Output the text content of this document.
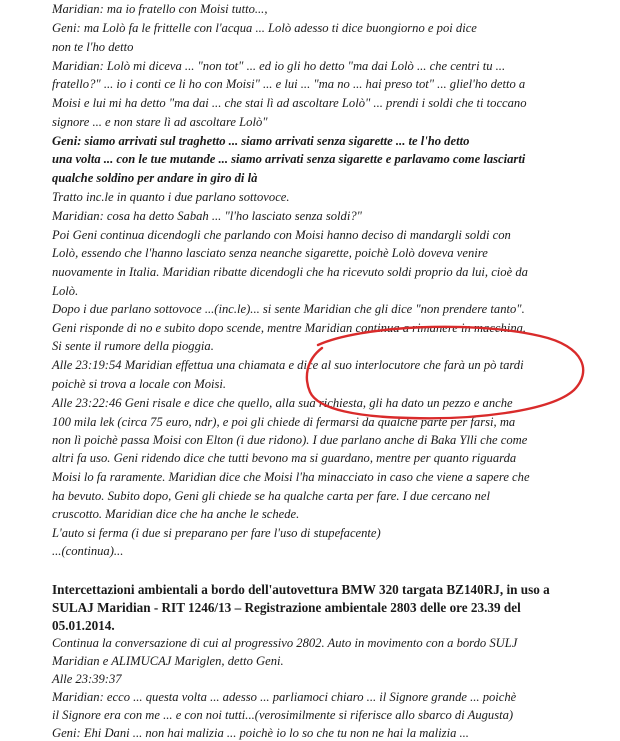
Maridian: ma io fratello con Moisi tutto...,
Geni: ma Lolò fa le frittelle con l'acqua ... Lolò adesso ti dice buongiorno e poi dice
non te l'ho detto
Maridian: Lolò mi diceva ... "non tot" ... ed io gli ho detto "ma dai Lolò ... che centri tu ...
fratello?" ... io i conti ce li ho con Moisi" ... e lui ... "ma no ... hai preso tot" ... gliel'ho detto a
Moisi e lui mi ha detto "ma dai ... che stai lì ad ascoltare Lolò" ... prendi i soldi che ti toccano
signore ... e non stare lì ad ascoltare Lolò"
Geni: siamo arrivati sul traghetto ... siamo arrivati senza sigarette ... te l'ho detto
una volta ... con le tue mutande ... siamo arrivati senza sigarette e parlavamo come lasciarti
qualche soldino per andare in giro di là
Tratto inc.le in quanto i due parlano sottovoce.
Maridian: cosa ha detto Sabah ... "l'ho lasciato senza soldi?"
Poi Geni continua dicendogli che parlando con Moisi hanno deciso di mandargli soldi con
Lolò, essendo che l'hanno lasciato senza neanche sigarette, poichè Lolò doveva venire
nuovamente in Italia. Maridian ribatte dicendogli che ha ricevuto soldi proprio da lui, cioè da
Lolò.
Dopo i due parlano sottovoce ...(inc.le)... si sente Maridian che gli dice "non prendere tanto".
Geni risponde di no e subito dopo scende, mentre Maridian continua a rimanere in macchina.
Si sente il rumore della pioggia.
Alle 23:19:54 Maridian effettua una chiamata e dice al suo interlocutore che farà un pò tardi
poichè si trova a locale con Moisi.
Alle 23:22:46 Geni risale e dice che quello, alla sua richiesta, gli ha dato un pezzo e anche
100 mila lek (circa 75 euro, ndr), e poi gli chiede di fermarsi da qualche parte per farsi, ma
non lì poichè passa Moisi con Elton (i due ridono). I due parlano anche di Baka Ylli che come
altri fa uso. Geni ridendo dice che tutti bevono ma si guardano, mentre per quanto riguarda
Moisi lo fa raramente. Maridian dice che Moisi l'ha minacciato in caso che viene a sapere che
ha bevuto. Subito dopo, Geni gli chiede se ha qualche carta per fare. I due cercano nel
cruscotto. Maridian dice che ha anche le schede.
L'auto si ferma (i due si preparano per fare l'uso di stupefacente)
...(continua)...
Intercettazioni ambientali a bordo dell'autovettura BMW 320 targata BZ140RJ, in uso a
SULAJ Maridian - RIT 1246/13 – Registrazione ambientale 2803 delle ore 23.39 del
05.01.2014.
Continua la conversazione di cui al progressivo 2802. Auto in movimento con a bordo SULJ
Maridian e ALIMUCAJ Mariglen, detto Geni.
Alle 23:39:37
Maridian: ecco ... questa volta ... adesso ... parliamoci chiaro ... il Signore grande ... poichè
il Signore era con me ... e con noi tutti...(verosimilmente si riferisce allo sbarco di Augusta)
Geni: Ehi Dani ... non hai malizia ... poichè io lo so che tu non ne hai la malizia ...
